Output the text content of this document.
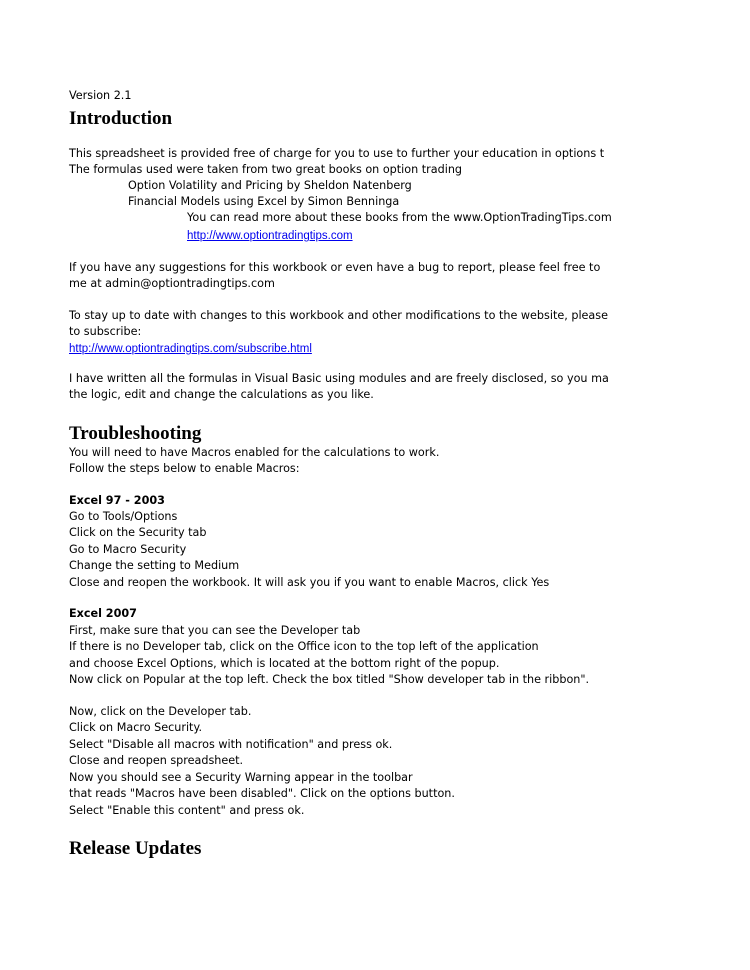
Version 2.1
Introduction
This spreadsheet is provided free of charge for you to use to further your education in options t
The formulas used were taken from two great books on option trading
Option Volatility and Pricing by Sheldon Natenberg
Financial Models using Excel by Simon Benninga
You can read more about these books from the www.OptionTradingTips.com
http://www.optiontradingtips.com
If you have any suggestions for this workbook or even have a bug to report, please feel free to
me at admin@optiontradingtips.com
To stay up to date with changes to this workbook and other modifications to the website, please
to subscribe:
http://www.optiontradingtips.com/subscribe.html
I have written all the formulas in Visual Basic using modules and are freely disclosed, so you ma
the logic, edit and change the calculations as you like.
Troubleshooting
You will need to have Macros enabled for the calculations to work.
Follow the steps below to enable Macros:
Excel 97 - 2003
Go to Tools/Options
Click on the Security tab
Go to Macro Security
Change the setting to Medium
Close and reopen the workbook. It will ask you if you want to enable Macros, click Yes
Excel 2007
First, make sure that you can see the Developer tab
If there is no Developer tab, click on the Office icon to the top left of the application
and choose Excel Options, which is located at the bottom right of the popup.
Now click on Popular at the top left. Check the box titled "Show developer tab in the ribbon".
Now, click on the Developer tab.
Click on Macro Security.
Select "Disable all macros with notification" and press ok.
Close and reopen spreadsheet.
Now you should see a Security Warning appear in the toolbar
that reads "Macros have been disabled". Click on the options button.
Select "Enable this content" and press ok.
Release Updates
